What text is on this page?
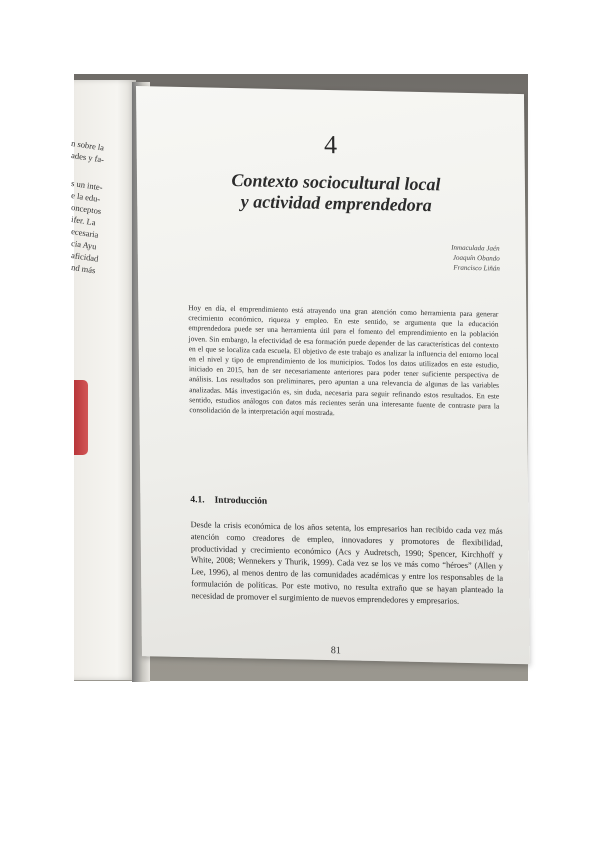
n sobre la
ades y fa-
s un inte-
e la edu-
onceptos
ifer. La
ecesaria
cia Ayu
aficidad
nd más
4
Contexto sociocultural local
y actividad emprendedora
Inmaculada Jaén
Joaquín Obando
Francisco Liñán
Hoy en día, el emprendimiento está atrayendo una gran atención como herramienta para generar crecimiento económico, riqueza y empleo. En este sentido, se argumenta que la educación emprendedora puede ser una herramienta útil para el fomento del emprendimiento en la población joven. Sin embargo, la efectividad de esa formación puede depender de las características del contexto en el que se localiza cada escuela. El objetivo de este trabajo es analizar la influencia del entorno local en el nivel y tipo de emprendimiento de los municipios. Todos los datos utilizados en este estudio, iniciado en 2015, han de ser necesariamente anteriores para poder tener suficiente perspectiva de análisis. Los resultados son preliminares, pero apuntan a una relevancia de algunas de las variables analizadas. Más investigación es, sin duda, necesaria para seguir refinando estos resultados. En este sentido, estudios análogos con datos más recientes serán una interesante fuente de contraste para la consolidación de la interpretación aquí mostrada.
4.1. Introducción
Desde la crisis económica de los años setenta, los empresarios han recibido cada vez más atención como creadores de empleo, innovadores y promotores de flexibilidad, productividad y crecimiento económico (Acs y Audretsch, 1990; Spencer, Kirchhoff y White, 2008; Wennekers y Thurik, 1999). Cada vez se los ve más como “héroes” (Allen y Lee, 1996), al menos dentro de las comunidades académicas y entre los responsables de la formulación de políticas. Por este motivo, no resulta extraño que se hayan planteado la necesidad de promover el surgimiento de nuevos emprendedores y empresarios.
81
